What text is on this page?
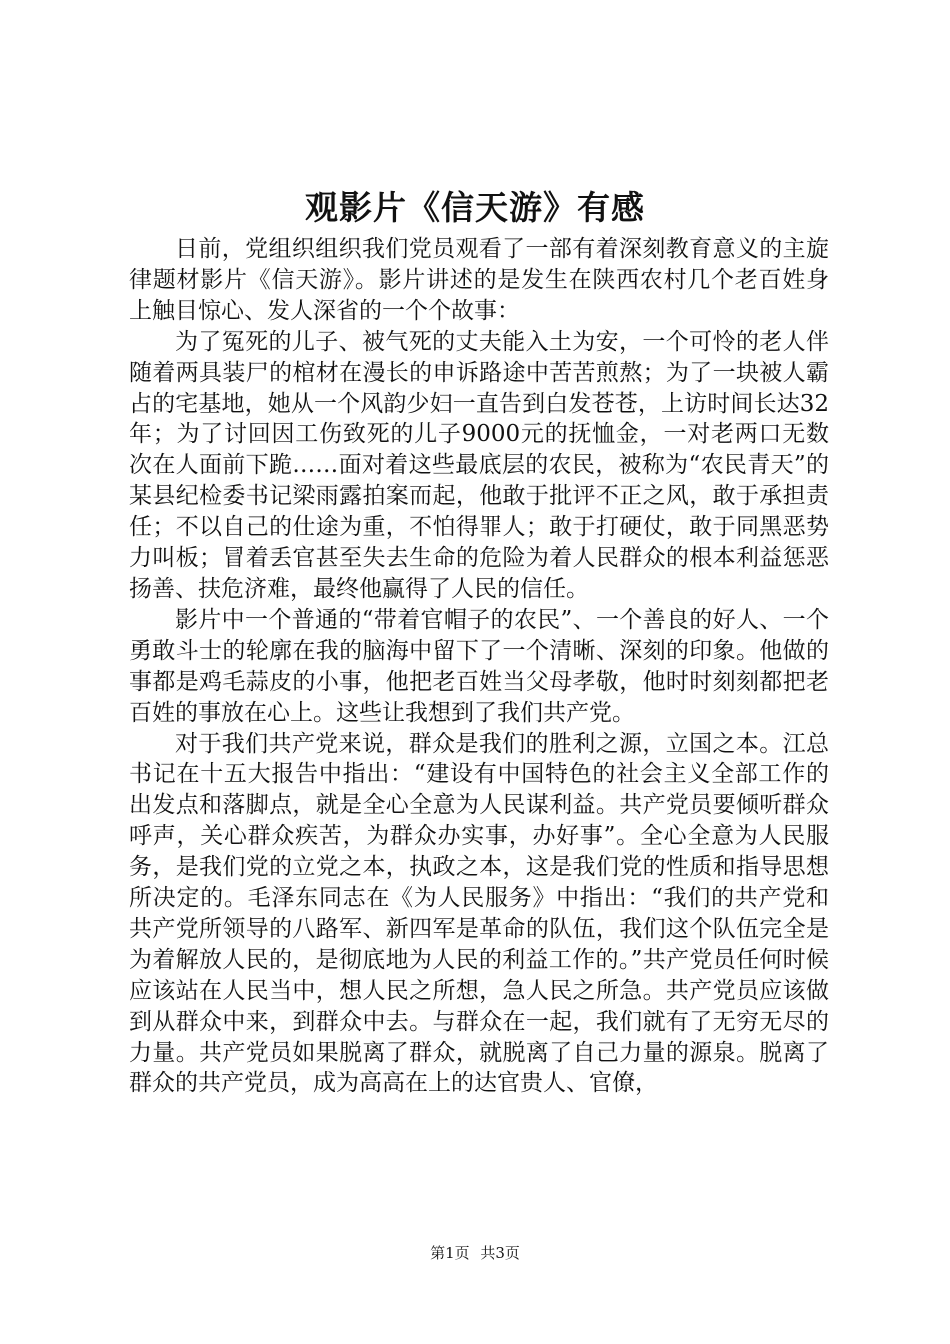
观影片《信天游》有感

日前，党组织组织我们党员观看了一部有着深刻教育意义的主旋律题材影片《信天游》。影片讲述的是发生在陕西农村几个老百姓身上触目惊心、发人深省的一个个故事：

为了冤死的儿子、被气死的丈夫能入土为安，一个可怜的老人伴随着两具装尸的棺材在漫长的申诉路途中苦苦煎熬；为了一块被人霸占的宅基地，她从一个风韵少妇一直告到白发苍苍，上访时间长达32年；为了讨回因工伤致死的儿子9000元的抚恤金，一对老两口无数次在人面前下跪……面对着这些最底层的农民，被称为“农民青天”的某县纪检委书记梁雨露拍案而起，他敢于批评不正之风，敢于承担责任；不以自己的仕途为重，不怕得罪人；敢于打硬仗，敢于同黑恶势力叫板；冒着丢官甚至失去生命的危险为着人民群众的根本利益惩恶扬善、扶危济难，最终他赢得了人民的信任。

影片中一个普通的“带着官帽子的农民”、一个善良的好人、一个勇敢斗士的轮廓在我的脑海中留下了一个清晰、深刻的印象。他做的事都是鸡毛蒜皮的小事，他把老百姓当父母孝敬，他时时刻刻都把老百姓的事放在心上。这些让我想到了我们共产党。

对于我们共产党来说，群众是我们的胜利之源，立国之本。江总书记在十五大报告中指出：“建设有中国特色的社会主义全部工作的出发点和落脚点，就是全心全意为人民谋利益。共产党员要倾听群众呼声，关心群众疾苦，为群众办实事，办好事”。全心全意为人民服务，是我们党的立党之本，执政之本，这是我们党的性质和指导思想所决定的。毛泽东同志在《为人民服务》中指出：“我们的共产党和共产党所领导的八路军、新四军是革命的队伍，我们这个队伍完全是为着解放人民的，是彻底地为人民的利益工作的。”共产党员任何时候应该站在人民当中，想人民之所想，急人民之所急。共产党员应该做到从群众中来，到群众中去。与群众在一起，我们就有了无穷无尽的力量。共产党员如果脱离了群众，就脱离了自己力量的源泉。脱离了群众的共产党员，成为高高在上的达官贵人、官僚，

第1页 共3页
